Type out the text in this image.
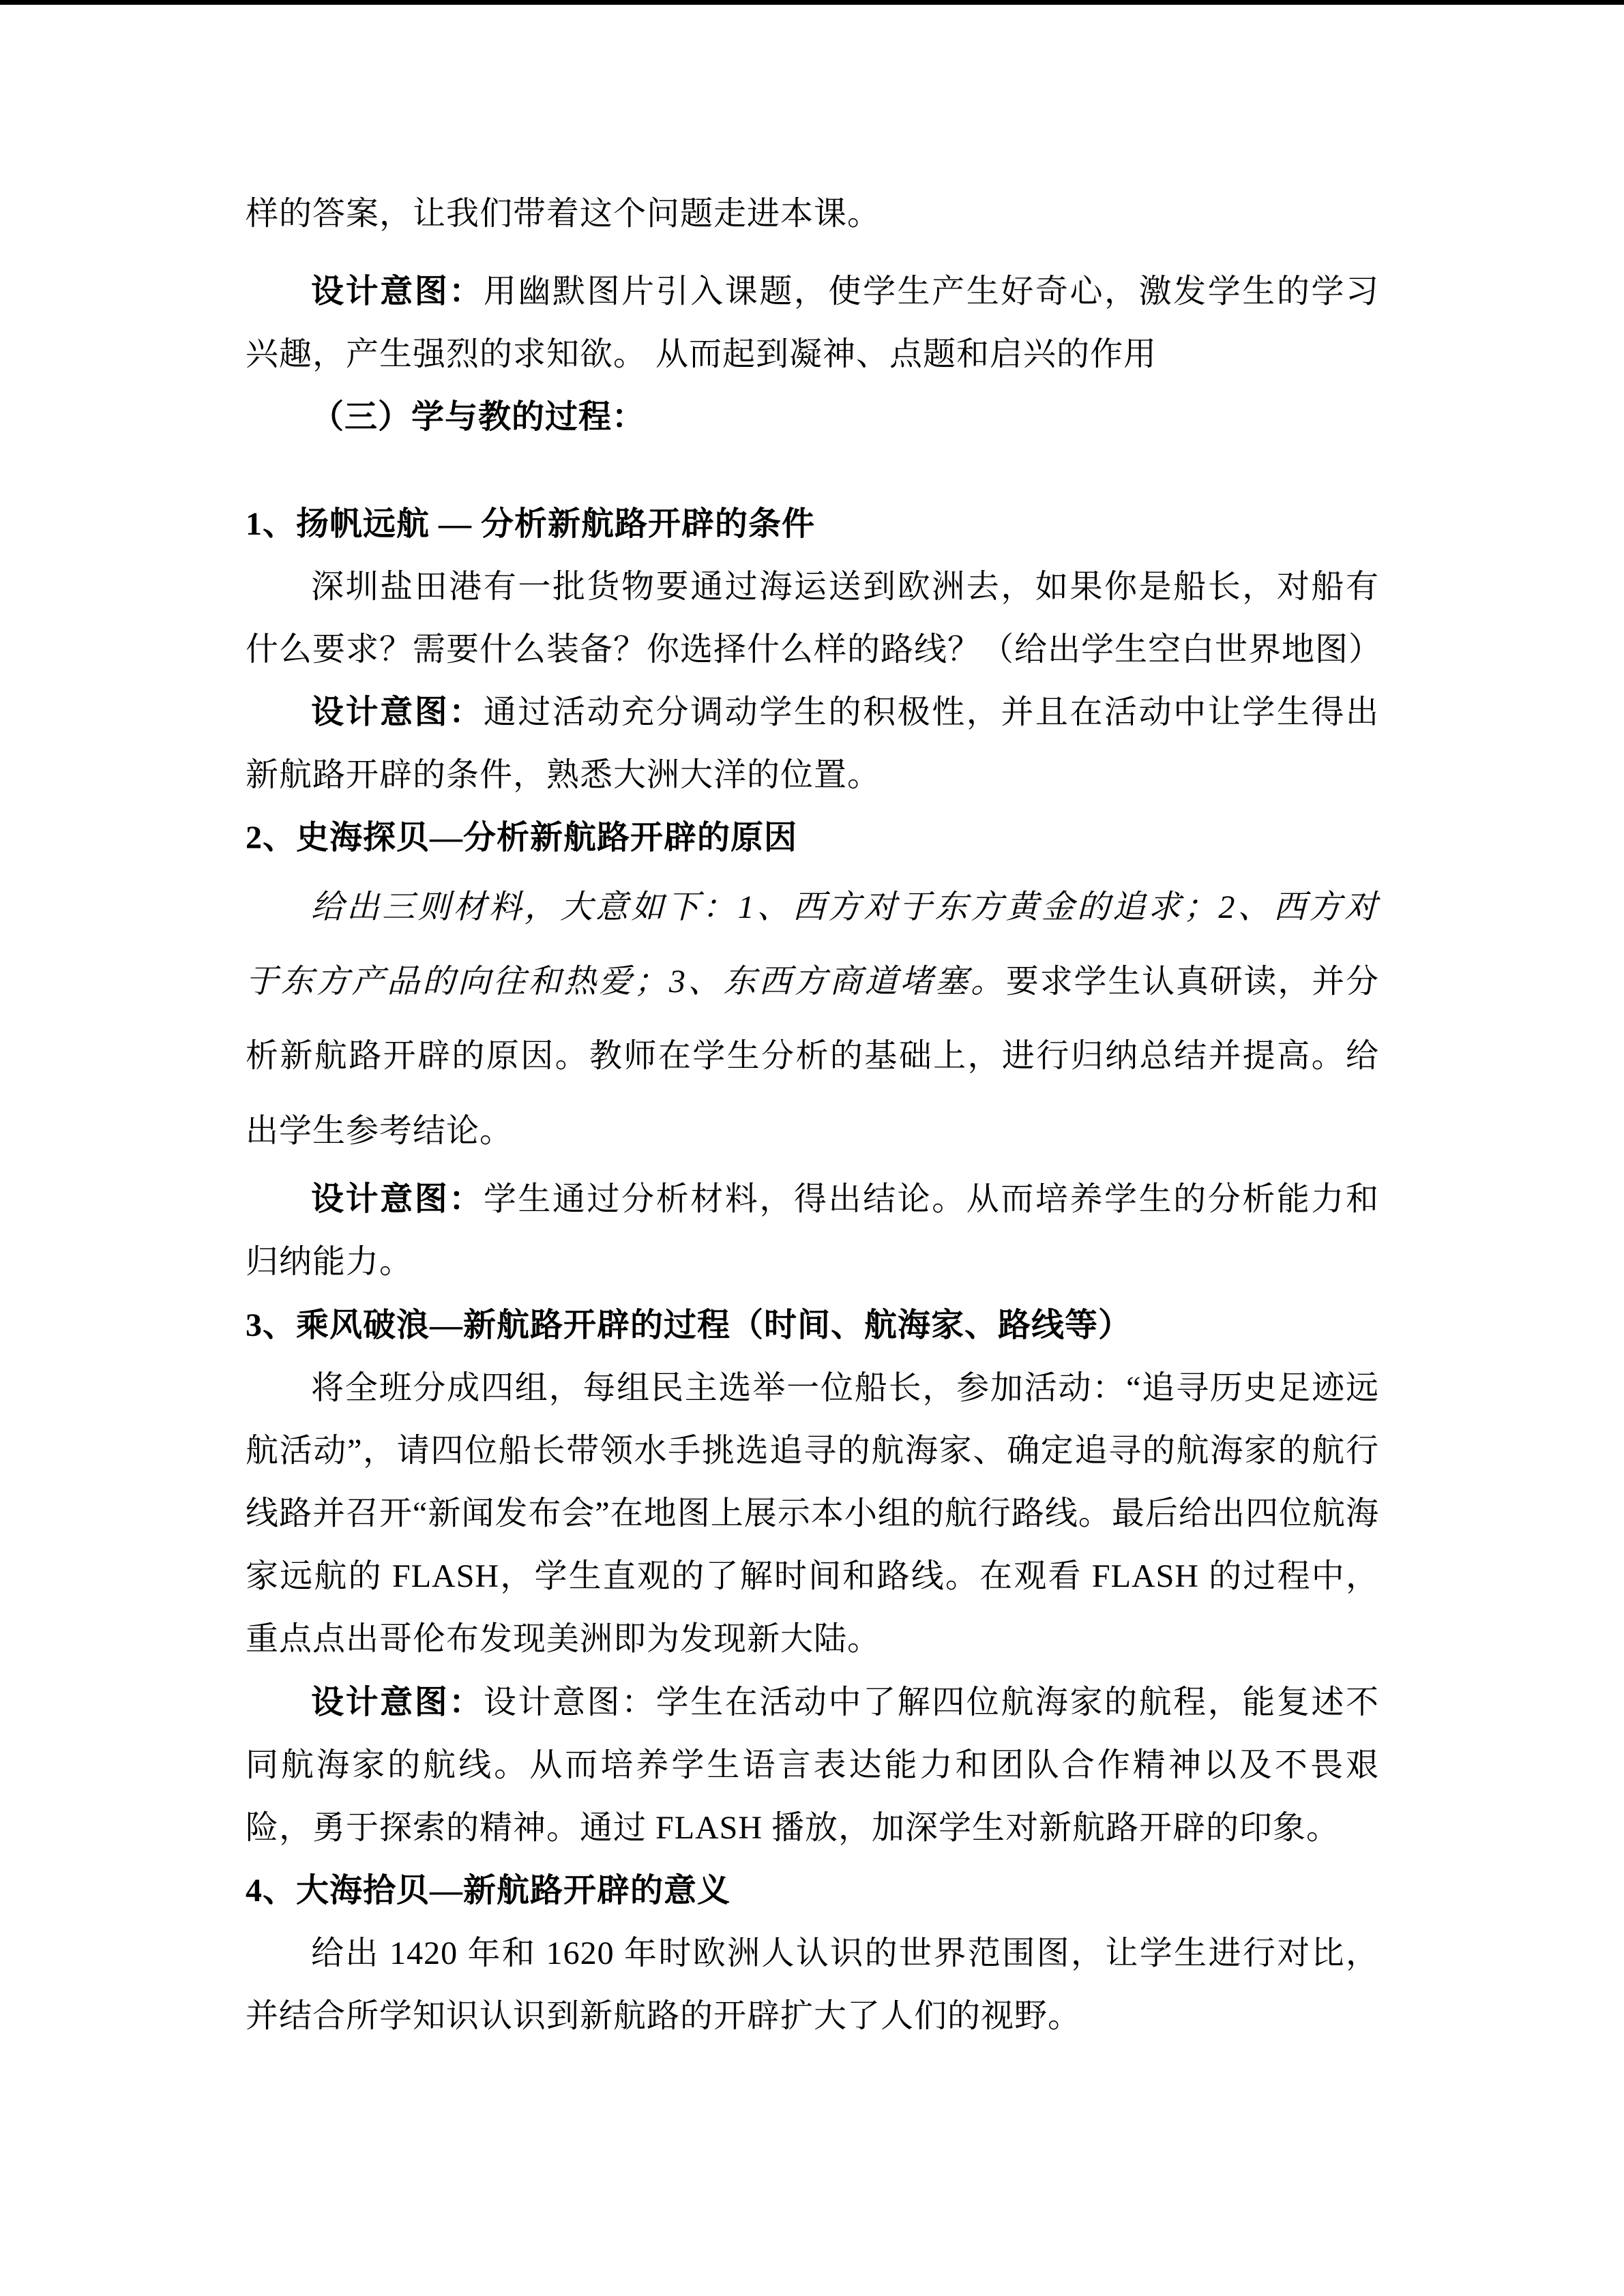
样的答案，让我们带着这个问题走进本课。

设计意图：用幽默图片引入课题，使学生产生好奇心，激发学生的学习兴趣，产生强烈的求知欲。 从而起到凝神、点题和启兴的作用

（三）学与教的过程：

1、扬帆远航 — 分析新航路开辟的条件

深圳盐田港有一批货物要通过海运送到欧洲去，如果你是船长，对船有什么要求？需要什么装备？你选择什么样的路线？（给出学生空白世界地图）

设计意图：通过活动充分调动学生的积极性，并且在活动中让学生得出新航路开辟的条件，熟悉大洲大洋的位置。

2、史海探贝—分析新航路开辟的原因

给出三则材料，大意如下：1、西方对于东方黄金的追求；2、西方对于东方产品的向往和热爱；3、东西方商道堵塞。要求学生认真研读，并分析新航路开辟的原因。教师在学生分析的基础上，进行归纳总结并提高。给出学生参考结论。

设计意图：学生通过分析材料，得出结论。从而培养学生的分析能力和归纳能力。

3、乘风破浪—新航路开辟的过程（时间、航海家、路线等）

将全班分成四组，每组民主选举一位船长，参加活动：“追寻历史足迹远航活动”，请四位船长带领水手挑选追寻的航海家、确定追寻的航海家的航行线路并召开“新闻发布会”在地图上展示本小组的航行路线。最后给出四位航海家远航的 FLASH，学生直观的了解时间和路线。在观看 FLASH 的过程中，重点点出哥伦布发现美洲即为发现新大陆。

设计意图：设计意图：学生在活动中了解四位航海家的航程，能复述不同航海家的航线。从而培养学生语言表达能力和团队合作精神以及不畏艰险，勇于探索的精神。通过 FLASH 播放，加深学生对新航路开辟的印象。

4、大海拾贝—新航路开辟的意义

给出 1420 年和 1620 年时欧洲人认识的世界范围图，让学生进行对比，并结合所学知识认识到新航路的开辟扩大了人们的视野。
